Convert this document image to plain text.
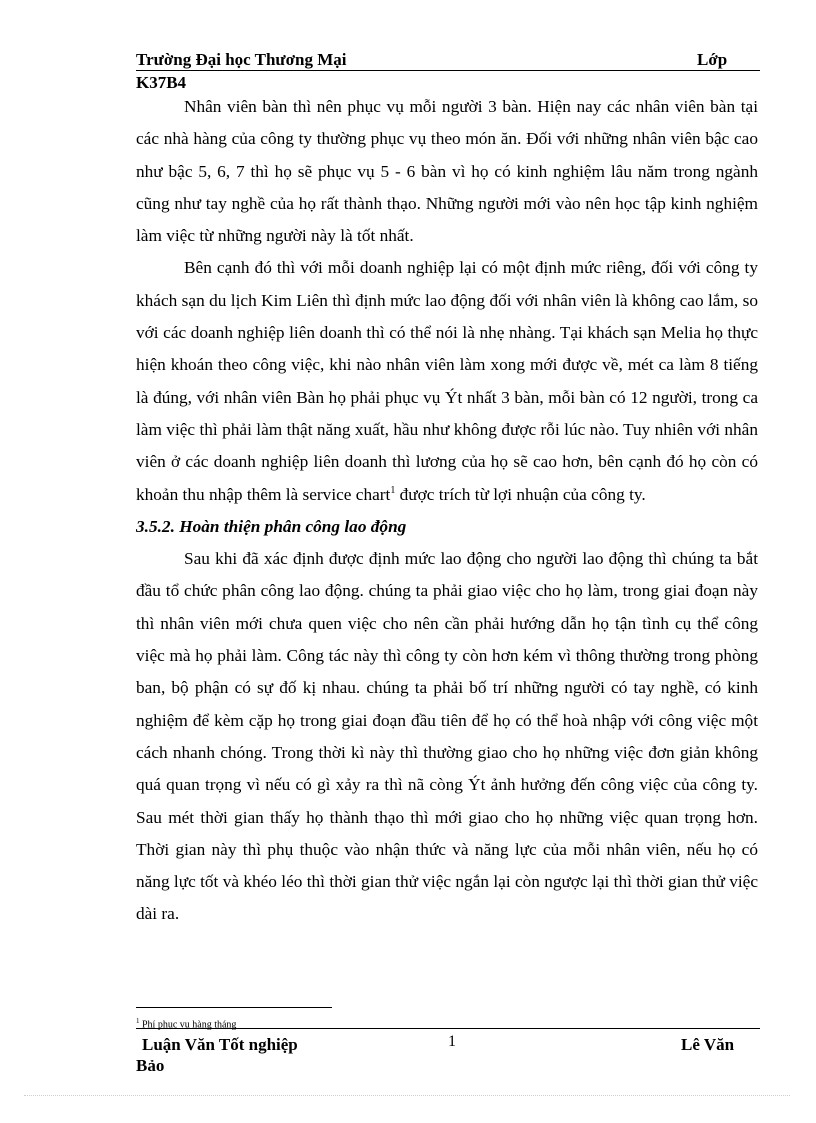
Trường Đại học Thương Mại	Lớp
K37B4

Nhân viên bàn thì nên phục vụ mỗi người 3 bàn. Hiện nay các nhân viên bàn tại các nhà hàng của công ty thường phục vụ theo món ăn. Đối với những nhân viên bậc cao như bậc 5, 6, 7 thì họ sẽ phục vụ 5 - 6 bàn vì họ có kinh nghiệm lâu năm trong ngành cũng như tay nghề của họ rất thành thạo. Những người mới vào nên học tập kinh nghiệm làm việc từ những người này là tốt nhất.

Bên cạnh đó thì với mỗi doanh nghiệp lại có một định mức riêng, đối với công ty khách sạn du lịch Kim Liên thì định mức lao động đối với nhân viên là không cao lắm, so với các doanh nghiệp liên doanh thì có thể nói là nhẹ nhàng. Tại khách sạn Melia họ thực hiện khoán theo công việc, khi nào nhân viên làm xong mới được về, mét ca làm 8 tiếng là đúng, với nhân viên Bàn họ phải phục vụ Ýt nhất 3 bàn, mỗi bàn có 12 người, trong ca làm việc thì phải làm thật năng xuất, hầu như không được rỗi lúc nào. Tuy nhiên với nhân viên ở các doanh nghiệp liên doanh thì lương của họ sẽ cao hơn, bên cạnh đó họ còn có khoản thu nhập thêm là service chart$^1$ được trích từ lợi nhuận của công ty.

3.5.2. Hoàn thiện phân công lao động

Sau khi đã xác định được định mức lao động cho người lao động thì chúng ta bắt đầu tổ chức phân công lao động. chúng ta phải giao việc cho họ làm, trong giai đoạn này thì nhân viên mới chưa quen việc cho nên cần phải hướng dẫn họ tận tình cụ thể công việc mà họ phải làm. Công tác này thì công ty còn hơn kém vì thông thường trong phòng ban, bộ phận có sự đố kị nhau. chúng ta phải bố trí những người có tay nghề, có kinh nghiệm để kèm cặp họ trong giai đoạn đầu tiên để họ có thể hoà nhập với công việc một cách nhanh chóng. Trong thời kì này thì thường giao cho họ những việc đơn giản không quá quan trọng vì nếu có gì xảy ra thì nã còng Ýt ảnh hưởng đến công việc của công ty. Sau mét thời gian thấy họ thành thạo thì mới giao cho họ những việc quan trọng hơn. Thời gian này thì phụ thuộc vào nhận thức và năng lực của mỗi nhân viên, nếu họ có năng lực tốt và khéo léo thì thời gian thử việc ngắn lại còn ngược lại thì thời gian thử việc dài ra.

$^1$ Phí phục vụ hàng tháng
Luận Văn Tốt nghiệp	1	Lê Văn
Bảo
